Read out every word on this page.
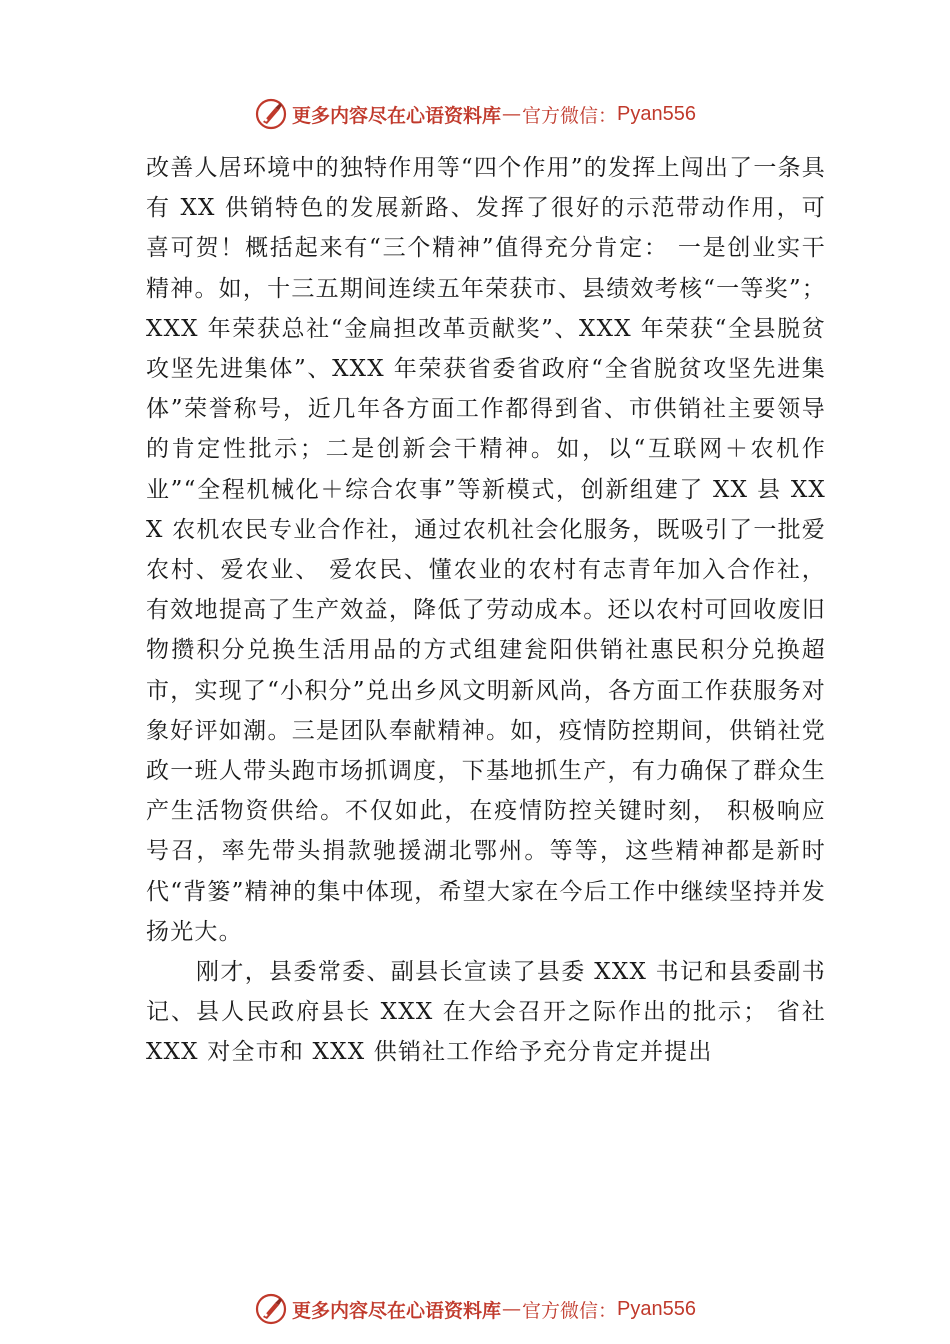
更多内容尽在心语资料库 — 官方微信： Pyan556

改善人居环境中的独特作用等“四个作用”的发挥上闯出了一条具有 XX 供销特色的发展新路、发挥了很好的示范带动作用，可喜可贺！概括起来有“三个精神”值得充分肯定： 一是创业实干精神。如，十三五期间连续五年荣获市、县绩效考核“一等奖”；XXX 年荣获总社“金扁担改革贡献奖”、XXX 年荣获“全县脱贫攻坚先进集体”、XXX 年荣获省委省政府“全省脱贫攻坚先进集体”荣誉称号，近几年各方面工作都得到省、市供销社主要领导的肯定性批示；二是创新会干精神。如，以“互联网＋农机作业”“全程机械化＋综合农事”等新模式，创新组建了 XX 县 XXX 农机农民专业合作社，通过农机社会化服务，既吸引了一批爱农村、爱农业、 爱农民、懂农业的农村有志青年加入合作社，有效地提高了生产效益，降低了劳动成本。还以农村可回收废旧物攒积分兑换生活用品的方式组建瓮阳供销社惠民积分兑换超市，实现了“小积分”兑出乡风文明新风尚，各方面工作获服务对象好评如潮。三是团队奉献精神。如，疫情防控期间，供销社党政一班人带头跑市场抓调度，下基地抓生产，有力确保了群众生产生活物资供给。不仅如此，在疫情防控关键时刻， 积极响应号召，率先带头捐款驰援湖北鄂州。等等，这些精神都是新时代“背篓”精神的集中体现，希望大家在今后工作中继续坚持并发扬光大。

刚才，县委常委、副县长宣读了县委 XXX 书记和县委副书记、县人民政府县长 XXX 在大会召开之际作出的批示； 省社 XXX 对全市和 XXX 供销社工作给予充分肯定并提出

更多内容尽在心语资料库 — 官方微信： Pyan556
